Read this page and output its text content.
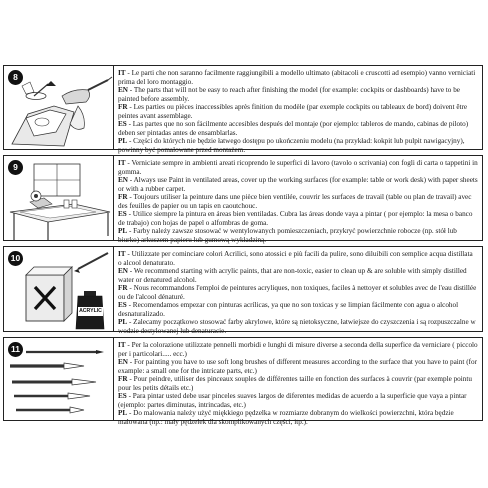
8	IT - Le parti che non saranno facilmente raggiungibili a modello ultimato (abitacoli e cruscotti ad esempio) vanno verniciati prima del loro montaggio.

EN - The parts that will not be easy to reach after finishing the model (for example: cockpits or dashboards) have to be painted before assembly.

FR - Les parties ou pièces inaccessibles après finition du modèle (par exemple cockpits ou tableaux de bord) doivent être peintes avant assemblage.

ES - Las partes que no son fácilmente accesibles después del montaje (por ejemplo: tableros de mando, cabinas de piloto) deben ser pintadas antes de ensamblarlas.

PL - Części do których nie będzie łatwego dostępu po ukończeniu modelu (na przykład: kokpit lub pulpit nawigacyjny), powinny być pomalowane przed montażem.

9	IT - Verniciate sempre in ambienti areati ricoprendo le superfici di lavoro (tavolo o scrivania) con fogli di carta o tappetini in gomma.

EN - Always use Paint in ventilated areas, cover up the working surfaces (for example: table or work desk) with paper sheets or with a rubber carpet.

FR - Toujours utiliser la peinture dans une pièce bien ventilée, couvrir les surfaces de travail (table ou plan de travail) avec des feuilles de papier ou un tapis en caoutchouc.

ES - Utilice siempre la pintura en áreas bien ventiladas. Cubra las áreas donde vaya a pintar ( por ejemplo: la mesa o banco de trabajo) con hojas de papel o alfombras de goma.

PL - Farby należy zawsze stosować w wentylowanych pomieszczeniach, przykryć powierzchnie robocze (np. stół lub biurko) arkuszem papieru lub gumową wykładziną.

10
ACRYLIC

IT - Utilizzate per cominciare colori Acrilici, sono atossici e più facili da pulire, sono diluibili con semplice acqua distillata o alcool denaturato.

EN - We recommend starting with acrylic paints, that are non-toxic, easier to clean up & are soluble with simply distilled water or denatured alcohol.

FR - Nous recommandons l'emploi de peintures acryliques, non toxiques, faciles à nettoyer et solubles avec de l'eau distillée ou de l'alcool dénaturé.

ES - Recomendamos empezar con pinturas acrílicas, ya que no son toxicas y se limpian fácilmente con agua o alcohol desnaturalizado.

PL - Zalecamy początkowo stosować farby akrylowe, które są nietoksyczne, łatwiejsze do czyszczenia i są rozpuszczalne w wodzie destylowanej lub denaturacie.

11	IT - Per la colorazione utilizzate pennelli morbidi e lunghi di misure diverse a seconda della superfice da verniciare ( piccolo per i particolari..... ecc.)

EN - For painting you have to use soft long brushes of different measures according to the surface that you have to paint (for example: a small one for the intricate parts, etc.)

FR - Pour peindre, utiliser des pinceaux souples de différentes taille en fonction des surfaces à couvrir (par exemple pointu pour les petits détails etc.)

ES - Para pintar usted debe usar pinceles suaves largos de diferentes medidas de acuerdo a la superficie que vaya a pintar (ejemplo: partes diminutas, intrincadas, etc.)

PL - Do malowania należy użyć miękkiego pędzelka w rozmiarze dobranym do wielkości powierzchni, która będzie malowana (np.: mały pędzelek dla skomplikowanych części, itp.).
